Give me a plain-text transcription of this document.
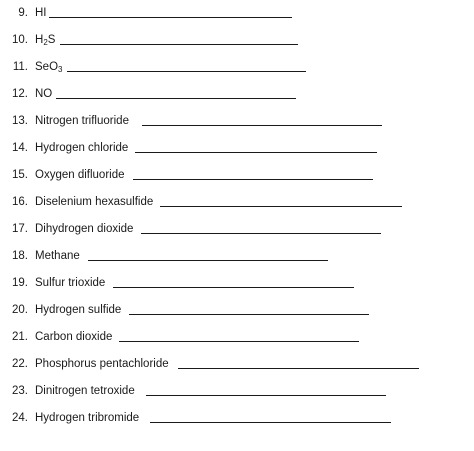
9. HI
10. $H_2S$
11. SeO$_3$
12. NO
13. Nitrogen trifluoride
14. Hydrogen chloride
15. Oxygen difluoride
16. Diselenium hexasulfide
17. Dihydrogen dioxide
18. Methane
19. Sulfur trioxide
20. Hydrogen sulfide
21. Carbon dioxide
22. Phosphorus pentachloride
23. Dinitrogen tetroxide
24. Hydrogen tribromide
